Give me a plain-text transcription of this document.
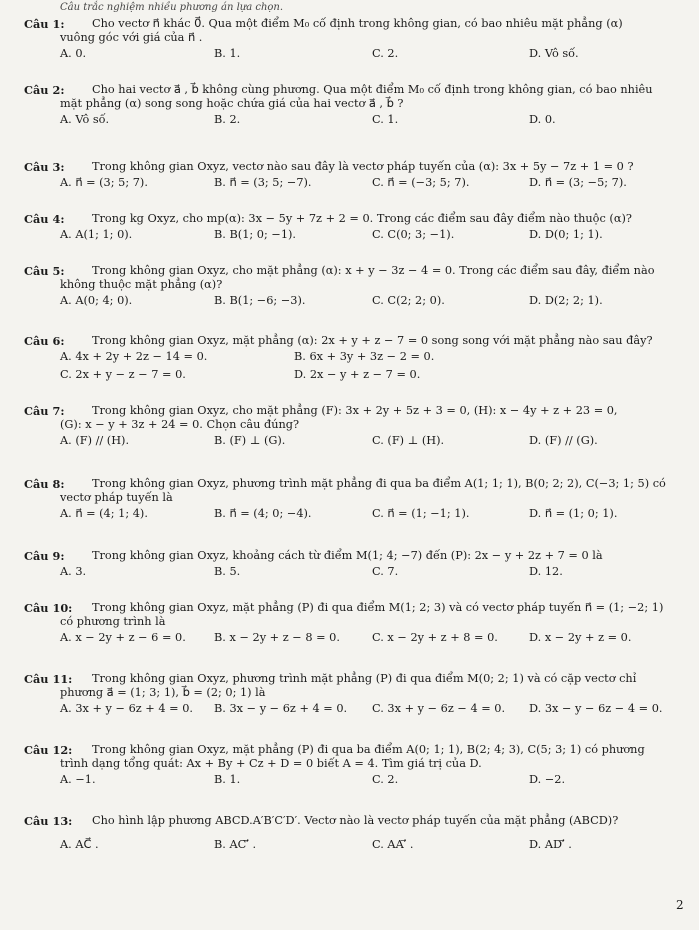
Câu trắc nghiệm nhiều phương án lựa chọn.
Câu 1:	Cho vectơ n⃗ khác 0⃗. Qua một điểm M₀ cố định trong không gian, có bao nhiêu mặt phẳng (α)
vuông góc với giá của n⃗ .
A. 0.	B. 1.	C. 2.	D. Vô số.
Câu 2:	Cho hai vectơ a⃗ , b⃗ không cùng phương. Qua một điểm M₀ cố định trong không gian, có bao nhiêu
mặt phẳng (α) song song hoặc chứa giá của hai vectơ a⃗ , b⃗ ?
A. Vô số.	B. 2.	C. 1.	D. 0.
Câu 3:	Trong không gian Oxyz, vectơ nào sau đây là vectơ pháp tuyến của (α): 3x + 5y − 7z + 1 = 0 ?
A. n⃗ = (3; 5; 7).	B. n⃗ = (3; 5; −7).	C. n⃗ = (−3; 5; 7).	D. n⃗ = (3; −5; 7).
Câu 4:	Trong kg Oxyz, cho mp(α): 3x − 5y + 7z + 2 = 0. Trong các điểm sau đây điểm nào thuộc (α)?
A. A(1; 1; 0).	B. B(1; 0; −1).	C. C(0; 3; −1).	D. D(0; 1; 1).
Câu 5:	Trong không gian Oxyz, cho mặt phẳng (α): x + y − 3z − 4 = 0. Trong các điểm sau đây, điểm nào
không thuộc mặt phẳng (α)?
A. A(0; 4; 0).	B. B(1; −6; −3).	C. C(2; 2; 0).	D. D(2; 2; 1).
Câu 6:	Trong không gian Oxyz, mặt phẳng (α): 2x + y + z − 7 = 0 song song với mặt phẳng nào sau đây?
A. 4x + 2y + 2z − 14 = 0.	B. 6x + 3y + 3z − 2 = 0.
C. 2x + y − z − 7 = 0.	D. 2x − y + z − 7 = 0.
Câu 7:	Trong không gian Oxyz, cho mặt phẳng (F): 3x + 2y + 5z + 3 = 0, (H): x − 4y + z + 23 = 0,
(G): x − y + 3z + 24 = 0. Chọn câu đúng?
A. (F) // (H).	B. (F) ⊥ (G).	C. (F) ⊥ (H).	D. (F) // (G).
Câu 8:	Trong không gian Oxyz, phương trình mặt phẳng đi qua ba điểm A(1; 1; 1), B(0; 2; 2), C(−3; 1; 5) có
vectơ pháp tuyến là
A. n⃗ = (4; 1; 4).	B. n⃗ = (4; 0; −4).	C. n⃗ = (1; −1; 1).	D. n⃗ = (1; 0; 1).
Câu 9:	Trong không gian Oxyz, khoảng cách từ điểm M(1; 4; −7) đến (P): 2x − y + 2z + 7 = 0 là
A. 3.	B. 5.	C. 7.	D. 12.
Câu 10:	Trong không gian Oxyz, mặt phẳng (P) đi qua điểm M(1; 2; 3) và có vectơ pháp tuyến n⃗ = (1; −2; 1)
có phương trình là
A. x − 2y + z − 6 = 0. B. x − 2y + z − 8 = 0.	C. x − 2y + z + 8 = 0.	D. x − 2y + z = 0.
Câu 11:	Trong không gian Oxyz, phương trình mặt phẳng (P) đi qua điểm M(0; 2; 1) và có cặp vectơ chỉ
phương a⃗ = (1; 3; 1), b⃗ = (2; 0; 1) là
A. 3x + y − 6z + 4 = 0. B. 3x − y − 6z + 4 = 0. C. 3x + y − 6z − 4 = 0. D. 3x − y − 6z − 4 = 0.
Câu 12:	Trong không gian Oxyz, mặt phẳng (P) đi qua ba điểm A(0; 1; 1), B(2; 4; 3), C(5; 3; 1) có phương
trình dạng tổng quát: Ax + By + Cz + D = 0 biết A = 4. Tìm giá trị của D.
A. −1.	B. 1.	C. 2.	D. −2.
Câu 13:	Cho hình lập phương ABCD.A′B′C′D′. Vectơ nào là vectơ pháp tuyến của mặt phẳng (ABCD)?
A. AC⃗ .	B. AC′⃗ .	C. AA′⃗ .	D. AD′⃗ .
2
